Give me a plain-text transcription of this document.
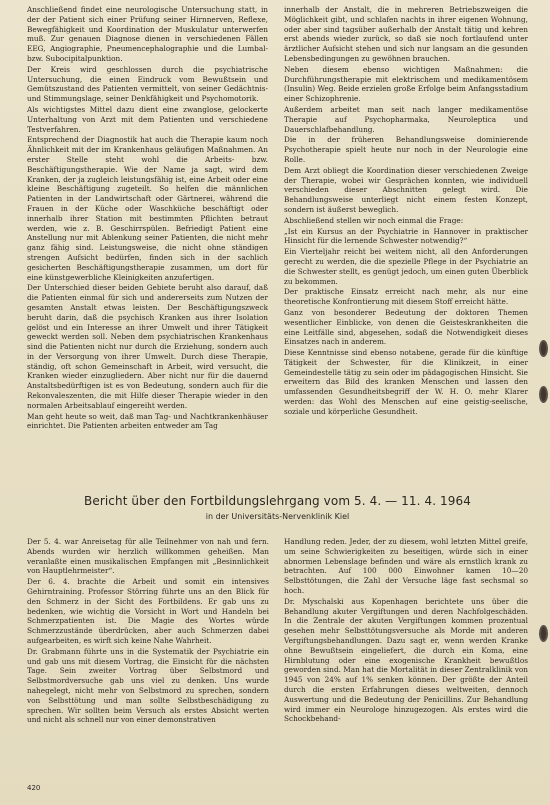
Anschließend findet eine neurologische Untersuchung statt, in der der Patient sich einer Prüfung seiner Hirnnerven, Reflexe, Bewegfähigkeit und Koordination der Muskulatur unterwerfen muß. Zur genauen Diagnose dienen in verschiedenen Fällen EEG, Angiographie, Pneumencephalographie und die Lumbal- bzw. Subocipitalpunktion.

Der Kreis wird geschlossen durch die psychiatrische Untersuchung, die einen Eindruck vom Bewußtsein und Gemütszustand des Patienten vermittelt, von seiner Gedächtnis- und Stimmungslage, seiner Denkfähigkeit und Psychomotorik.

Als wichtigstes Mittel dazu dient eine zwanglose, gelockerte Unterhaltung von Arzt mit dem Patienten und verschiedene Testverfahren.

Entsprechend der Diagnostik hat auch die Therapie kaum noch Ähnlichkeit mit der im Krankenhaus geläufigen Maßnahmen. An erster Stelle steht wohl die Arbeits- bzw. Beschäftigungstherapie. Wie der Name ja sagt, wird dem Kranken, der ja zugleich leistungsfähig ist, eine Arbeit oder eine kleine Beschäftigung zugeteilt. So helfen die männlichen Patienten in der Landwirtschaft oder Gärtnerei, während die Frauen in der Küche oder Waschküche beschäftigt oder innerhalb ihrer Station mit bestimmten Pflichten betraut werden, wie z. B. Geschirrspülen. Befriedigt Patient eine Anstellung nur mit Ablenkung seiner Patienten, die nicht mehr ganz fähig sind. Leistungsweise, die nicht ohne ständigen strengen Aufsicht bedürfen, finden sich in der sachlich gesicherten Beschäftigungstherapie zusammen, um dort für eine künstgewerbliche Kleinigkeiten anzufertigen.

Der Unterschied dieser beiden Gebiete beruht also darauf, daß die Patienten einmal für sich und andererseits zum Nutzen der gesamten Anstalt etwas leisten. Der Beschäftigungszweck beruht darin, daß die psychisch Kranken aus ihrer Isolation gelöst und ein Interesse an ihrer Umwelt und ihrer Tätigkeit geweckt werden soll. Neben dem psychiatrischen Krankenhaus sind die Patienten nicht nur durch die Erziehung, sondern auch in der Versorgung von ihrer Umwelt. Durch diese Therapie, ständig, oft schon Gemeinschaft in Arbeit, wird versucht, die Kranken wieder einzugliedern. Aber nicht nur für die dauernd Anstaltsbedürftigen ist es von Bedeutung, sondern auch für die Rekonvaleszenten, die mit Hilfe dieser Therapie wieder in den normalen Arbeitsablauf eingereiht werden.

Man geht heute so weit, daß man Tag- und Nachtkrankenhäuser einrichtet. Die Patienten arbeiten entweder am Tag

innerhalb der Anstalt, die in mehreren Betriebszweigen die Möglichkeit gibt, und schlafen nachts in ihrer eigenen Wohnung, oder aber sind tagsüber außerhalb der Anstalt tätig und kehren erst abends wieder zurück, so daß sie noch fortlaufend unter ärztlicher Aufsicht stehen und sich nur langsam an die gesunden Lebensbedingungen zu gewöhnen brauchen.

Neben diesem ebenso wichtigen Maßnahmen: die Durchführungstherapie mit elektrischem und medikamentösem (Insulin) Weg. Beide erzielen große Erfolge beim Anfangsstadium einer Schizophrenie.

Außerdem arbeitet man seit nach langer medikamentöse Therapie auf Psychopharmaka, Neuroleptica und Dauerschlafbehandlung.

Die in der früheren Behandlungsweise dominierende Psychotherapie spielt heute nur noch in der Neurologie eine Rolle.

Dem Arzt obliegt die Koordination dieser verschiedenen Zweige der Therapie, wobei wir Gesprächen konnten, wie individuell verschieden dieser Abschnitten gelegt wird. Die Behandlungsweise unterliegt nicht einem festen Konzept, sondern ist äußerst beweglich.

Abschließend stellen wir noch einmal die Frage:

„Ist ein Kursus an der Psychiatrie in Hannover in praktischer Hinsicht für die lernende Schwester notwendig?“

Ein Vierteljahr reicht bei weitem nicht, all den Anforderungen gerecht zu werden, die die spezielle Pflege in der Psychiatrie an die Schwester stellt, es genügt jedoch, um einen guten Überblick zu bekommen.

Der praktische Einsatz erreicht nach mehr, als nur eine theoretische Konfrontierung mit diesem Stoff erreicht hätte.

Ganz von besonderer Bedeutung der doktoren Themen wesentlicher Einblicke, von denen die Geisteskrankheiten die eine Leitfälle sind, abgesehen, sodaß die Notwendigkeit dieses Einsatzes nach in anderem.

Diese Kenntnisse sind ebenso notabene, gerade für die künftige Tätigkeit der Schwester, für die Klinikzeit, in einer Gemeindestelle tätig zu sein oder im pädagogischen Hinsicht. Sie erweitern das Bild des kranken Menschen und lassen den umfassenden Gesundheitsbegriff der W. H. O. mehr Klarer werden: das Wohl des Menschen auf eine geistig-seelische, soziale und körperliche Gesundheit.

Bericht über den Fortbildungslehrgang vom 5. 4. — 11. 4. 1964

in der Universitäts-Nervenklinik Kiel

Der 5. 4. war Anreisetag für alle Teilnehmer von nah und fern. Abends wurden wir herzlich willkommen geheißen. Man veranlaßte einen musikalischen Empfangen mit „Besinnlichkeit von Hauptlehrmeister“.

Der 6. 4. brachte die Arbeit und somit ein intensives Gehirntraining. Professor Störring führte uns an den Blick für den Schmerz in der Sicht des Fortbildens. Er gab uns zu bedenken, wie wichtig die Vorsicht in Wort und Handeln bei Schmerzpatienten ist. Die Magie des Wortes würde Schmerzzustände überdrücken, aber auch Schmerzen dabei aufgearbeiten, es wirft sich keine Nahe Wahrheit.

Dr. Grabmann führte uns in die Systematik der Psychiatrie ein und gab uns mit diesem Vortrag, die Einsicht für die nächsten Tage. Sein zweiter Vortrag über Selbstmord und Selbstmordversuche gab uns viel zu denken. Uns wurde nahegelegt, nicht mehr von Selbstmord zu sprechen, sondern von Selbsttötung und man sollte Selbstbeschädigung zu sprechen. Wir sollten beim Versuch als erstes Absicht werten und nicht als schnell nur von einer demonstrativen

Handlung reden. Jeder, der zu diesem, wohl letzten Mittel greife, um seine Schwierigkeiten zu beseitigen, würde sich in einer abnormen Lebenslage befinden und wäre als ernstlich krank zu betrachten. Auf 100 000 Einwohner kamen 10—20 Selbsttötungen, die Zahl der Versuche läge fast sechsmal so hoch.

Dr. Myschalski aus Kopenhagen berichtete uns über die Behandlung akuter Vergiftungen und deren Nachfolgeschäden. In die Zentrale der akuten Vergiftungen kommen prozentual gesehen mehr Selbsttötungsversuche als Morde mit anderen Vergiftungsbehandlungen. Dazu sagt er, wenn werden Kranke ohne Bewußtsein eingeliefert, die durch ein Koma, eine Hirnblutung oder eine exogenische Krankheit bewußtlos geworden sind. Man hat die Mortalität in dieser Zentralklinik von 1945 von 24% auf 1% senken können. Der größte der Anteil durch die ersten Erfahrungen dieses weltweiten, dennoch Auswertung und die Bedeutung der Penicillins. Zur Behandlung wird immer ein Neurologe hinzugezogen. Als erstes wird die Schockbehand-

420
